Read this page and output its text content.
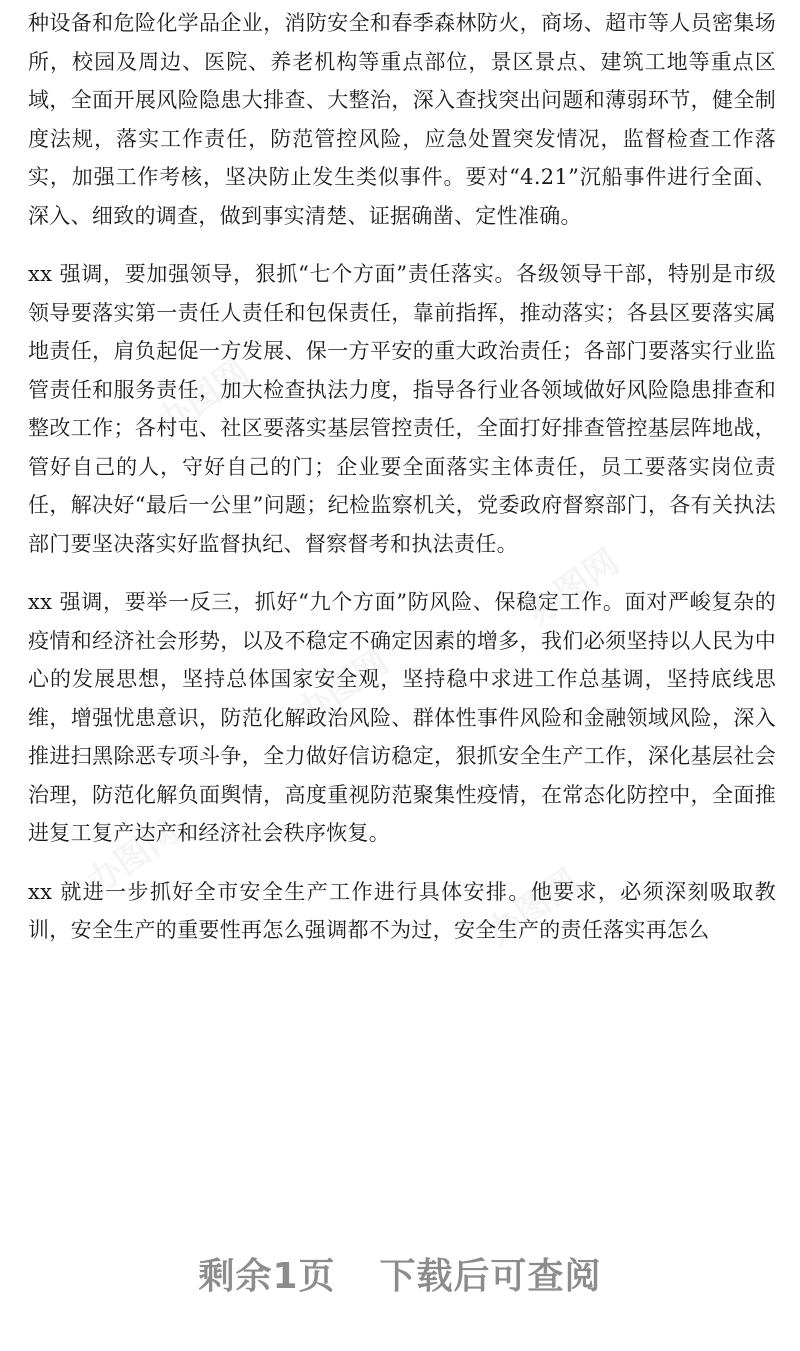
办图网
办图网
办图网
办图网
办图网

种设备和危险化学品企业，消防安全和春季森林防火，商场、超市等人员密集场所，校园及周边、医院、养老机构等重点部位，景区景点、建筑工地等重点区域，全面开展风险隐患大排查、大整治，深入查找突出问题和薄弱环节，健全制度法规，落实工作责任，防范管控风险，应急处置突发情况，监督检查工作落实，加强工作考核，坚决防止发生类似事件。要对“4.21”沉船事件进行全面、深入、细致的调查，做到事实清楚、证据确凿、定性准确。

xx 强调，要加强领导，狠抓“七个方面”责任落实。各级领导干部，特别是市级领导要落实第一责任人责任和包保责任，靠前指挥，推动落实；各县区要落实属地责任，肩负起促一方发展、保一方平安的重大政治责任；各部门要落实行业监管责任和服务责任，加大检查执法力度，指导各行业各领域做好风险隐患排查和整改工作；各村屯、社区要落实基层管控责任，全面打好排查管控基层阵地战，管好自己的人，守好自己的门；企业要全面落实主体责任，员工要落实岗位责任，解决好“最后一公里”问题；纪检监察机关，党委政府督察部门，各有关执法部门要坚决落实好监督执纪、督察督考和执法责任。

xx 强调，要举一反三，抓好“九个方面”防风险、保稳定工作。面对严峻复杂的疫情和经济社会形势，以及不稳定不确定因素的增多，我们必须坚持以人民为中心的发展思想，坚持总体国家安全观，坚持稳中求进工作总基调，坚持底线思维，增强忧患意识，防范化解政治风险、群体性事件风险和金融领域风险，深入推进扫黑除恶专项斗争，全力做好信访稳定，狠抓安全生产工作，深化基层社会治理，防范化解负面舆情，高度重视防范聚集性疫情，在常态化防控中，全面推进复工复产达产和经济社会秩序恢复。

xx 就进一步抓好全市安全生产工作进行具体安排。他要求，必须深刻吸取教训，安全生产的重要性再怎么强调都不为过，安全生产的责任落实再怎么

剩余1页 下载后可查阅
